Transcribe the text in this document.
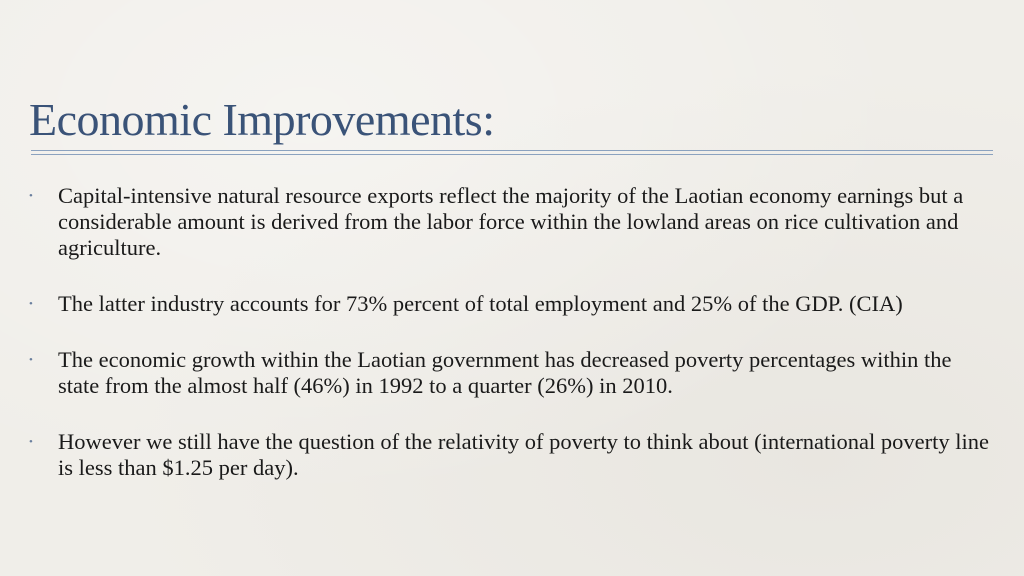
Economic Improvements:
• Capital-intensive natural resource exports reflect the majority of the Laotian economy earnings but a considerable amount is derived from the labor force within the lowland areas on rice cultivation and agriculture.
• The latter industry accounts for 73% percent of total employment and 25% of the GDP. (CIA)
• The economic growth within the Laotian government has decreased poverty percentages within the state from the almost half (46%) in 1992 to a quarter (26%) in 2010.
• However we still have the question of the relativity of poverty to think about (international poverty line is less than $1.25 per day).
